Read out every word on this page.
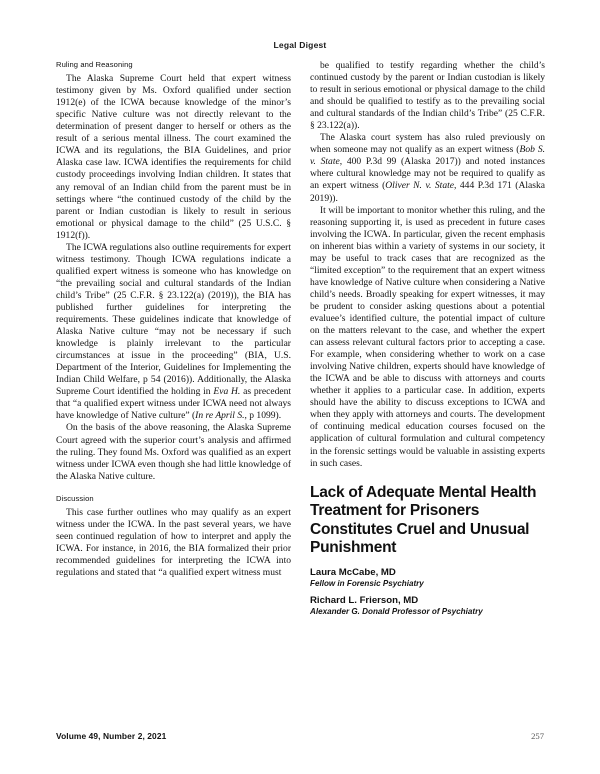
Legal Digest
Ruling and Reasoning

The Alaska Supreme Court held that expert witness testimony given by Ms. Oxford qualified under section 1912(e) of the ICWA because knowledge of the minor’s specific Native culture was not directly relevant to the determination of present danger to herself or others as the result of a serious mental illness. The court examined the ICWA and its regulations, the BIA Guidelines, and prior Alaska case law. ICWA identifies the requirements for child custody proceedings involving Indian children. It states that any removal of an Indian child from the parent must be in settings where “the continued custody of the child by the parent or Indian custodian is likely to result in serious emotional or physical damage to the child” (25 U.S.C. § 1912(f)).

The ICWA regulations also outline requirements for expert witness testimony. Though ICWA regulations indicate a qualified expert witness is someone who has knowledge on “the prevailing social and cultural standards of the Indian child’s Tribe” (25 C.F.R. § 23.122(a) (2019)), the BIA has published further guidelines for interpreting the requirements. These guidelines indicate that knowledge of Alaska Native culture “may not be necessary if such knowledge is plainly irrelevant to the particular circumstances at issue in the proceeding” (BIA, U.S. Department of the Interior, Guidelines for Implementing the Indian Child Welfare, p 54 (2016)). Additionally, the Alaska Supreme Court identified the holding in Eva H. as precedent that “a qualified expert witness under ICWA need not always have knowledge of Native culture” (In re April S., p 1099).

On the basis of the above reasoning, the Alaska Supreme Court agreed with the superior court’s analysis and affirmed the ruling. They found Ms. Oxford was qualified as an expert witness under ICWA even though she had little knowledge of the Alaska Native culture.

Discussion

This case further outlines who may qualify as an expert witness under the ICWA. In the past several years, we have seen continued regulation of how to interpret and apply the ICWA. For instance, in 2016, the BIA formalized their prior recommended guidelines for interpreting the ICWA into regulations and stated that “a qualified expert witness must

be qualified to testify regarding whether the child’s continued custody by the parent or Indian custodian is likely to result in serious emotional or physical damage to the child and should be qualified to testify as to the prevailing social and cultural standards of the Indian child’s Tribe” (25 C.F.R. § 23.122(a)).

The Alaska court system has also ruled previously on when someone may not qualify as an expert witness (Bob S. v. State, 400 P.3d 99 (Alaska 2017)) and noted instances where cultural knowledge may not be required to qualify as an expert witness (Oliver N. v. State, 444 P.3d 171 (Alaska 2019)).

It will be important to monitor whether this ruling, and the reasoning supporting it, is used as precedent in future cases involving the ICWA. In particular, given the recent emphasis on inherent bias within a variety of systems in our society, it may be useful to track cases that are recognized as the “limited exception” to the requirement that an expert witness have knowledge of Native culture when considering a Native child’s needs. Broadly speaking for expert witnesses, it may be prudent to consider asking questions about a potential evaluee’s identified culture, the potential impact of culture on the matters relevant to the case, and whether the expert can assess relevant cultural factors prior to accepting a case. For example, when considering whether to work on a case involving Native children, experts should have knowledge of the ICWA and be able to discuss with attorneys and courts whether it applies to a particular case. In addition, experts should have the ability to discuss exceptions to ICWA and when they apply with attorneys and courts. The development of continuing medical education courses focused on the application of cultural formulation and cultural competency in the forensic settings would be valuable in assisting experts in such cases.

Lack of Adequate Mental Health Treatment for Prisoners Constitutes Cruel and Unusual Punishment
Laura McCabe, MD
Fellow in Forensic Psychiatry
Richard L. Frierson, MD
Alexander G. Donald Professor of Psychiatry
Volume 49, Number 2, 2021	257
